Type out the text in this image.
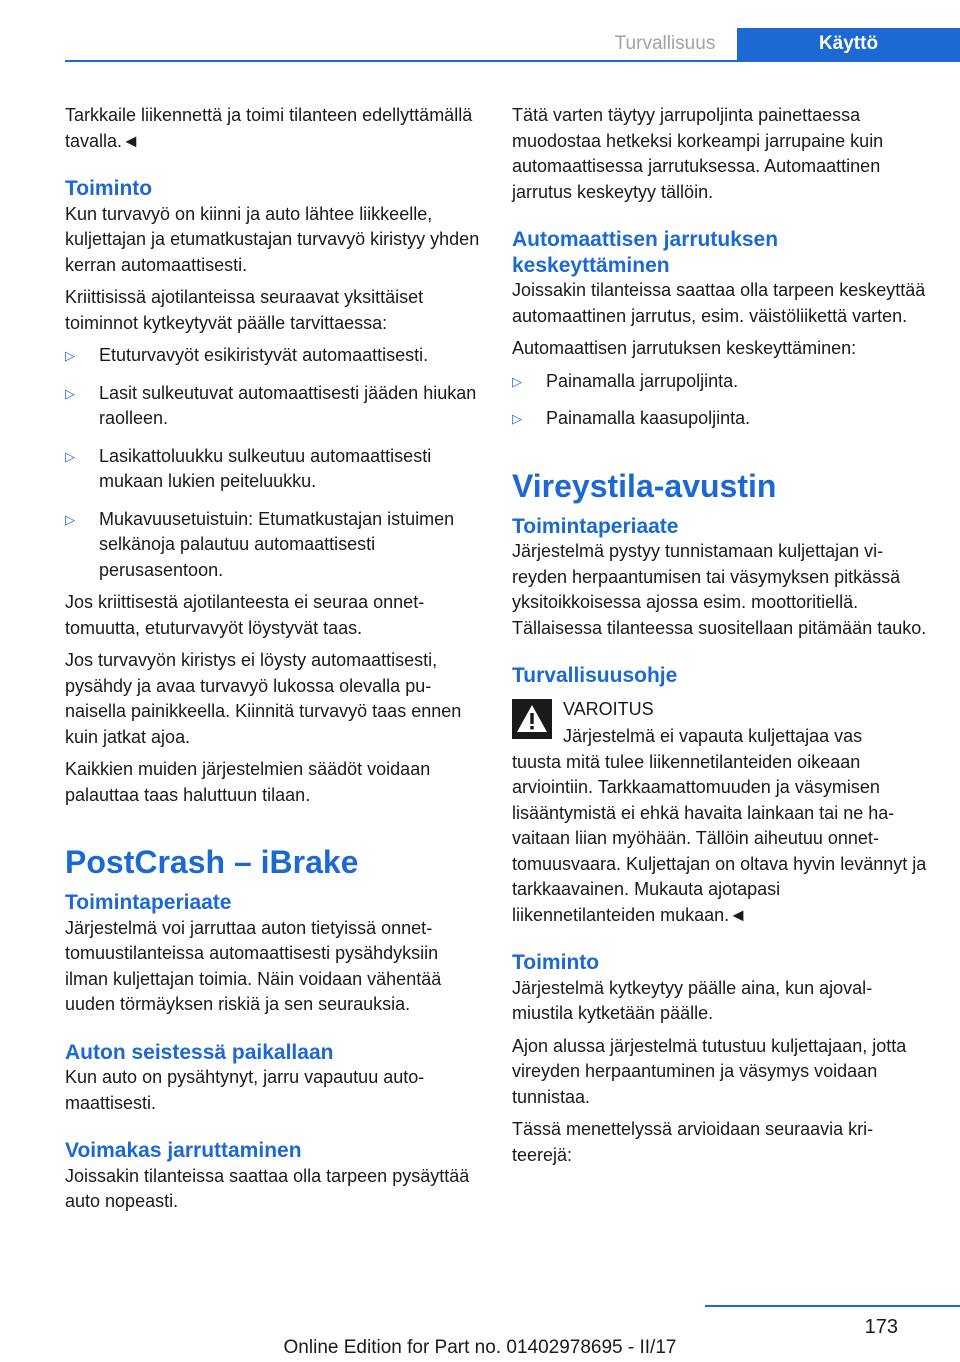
Turvallisuus	Käyttö

Tarkkaile liikennettä ja toimi tilanteen edellyttämällä tavalla.◄

Toiminto

Kun turvavyö on kiinni ja auto lähtee liikkeelle, kuljettajan ja etumatkustajan turvavyö kiristyy yhden kerran automaattisesti.

Kriittisissä ajotilanteissa seuraavat yksittäiset toiminnot kytkeytyvät päälle tarvittaessa:

▷ Etuturvavyöt esikiristyvät automaattisesti.
▷ Lasit sulkeutuvat automaattisesti jääden hiukan raolleen.
▷ Lasikattoluukku sulkeutuu automaattisesti mukaan lukien peiteluukku.
▷ Mukavuusetuistuin: Etumatkustajan istuimen selkänoja palautuu automaattisesti perusasentoon.

Jos kriittisestä ajotilanteesta ei seuraa onnettomuutta, etuturvavyöt löystyvät taas.

Jos turvavyön kiristys ei löysty automaattisesti, pysähdy ja avaa turvavyö lukossa olevalla punaisella painikkeella. Kiinnitä turvavyö taas ennen kuin jatkat ajoa.

Kaikkien muiden järjestelmien säädöt voidaan palauttaa taas haluttuun tilaan.

PostCrash – iBrake
Toimintaperiaate

Järjestelmä voi jarruttaa auton tietyissä onnettomuustilanteissa automaattisesti pysähdyksiin ilman kuljettajan toimia. Näin voidaan vähentää uuden törmäyksen riskiä ja sen seurauksia.

Auton seistessä paikallaan

Kun auto on pysähtynyt, jarru vapautuu automaattisesti.

Voimakas jarruttaminen

Joissakin tilanteissa saattaa olla tarpeen pysäyttää auto nopeasti.

Tätä varten täytyy jarrupoljinta painettaessa muodostaa hetkeksi korkeampi jarrupaine kuin automaattisessa jarrutuksessa. Automaattinen jarrutus keskeytyy tällöin.

Automaattisen jarrutuksen keskeyttäminen

Joissakin tilanteissa saattaa olla tarpeen keskeyttää automaattinen jarrutus, esim. väistöliikettä varten.

Automaattisen jarrutuksen keskeyttäminen:

▷ Painamalla jarrupoljinta.
▷ Painamalla kaasupoljinta.
Vireystila-avustin
Toimintaperiaate

Järjestelmä pystyy tunnistamaan kuljettajan vireyden herpaantumisen tai väsymyksen pitkässä yksitoikkoisessa ajossa esim. moottoritiellä. Tällaisessa tilanteessa suositellaan pitämään tauko.

Turvallisuusohje

VAROITUS

Järjestelmä ei vapauta kuljettajaa vas

tuusta mitä tulee liikennetilanteiden oikeaan arviointiin. Tarkkaamattomuuden ja väsymisen lisääntymistä ei ehkä havaita lainkaan tai ne havaitaan liian myöhään. Tällöin aiheutuu onnettomuusvaara. Kuljettajan on oltava hyvin levännyt ja tarkkaavainen. Mukauta ajotapasi liikennetilanteiden mukaan.◄

Toiminto

Järjestelmä kytkeytyy päälle aina, kun ajovalmiustila kytketään päälle.

Ajon alussa järjestelmä tutustuu kuljettajaan, jotta vireyden herpaantuminen ja väsymys voidaan tunnistaa.

Tässä menettelyssä arvioidaan seuraavia kriteerejä:

173
Online Edition for Part no. 01402978695 - II/17
